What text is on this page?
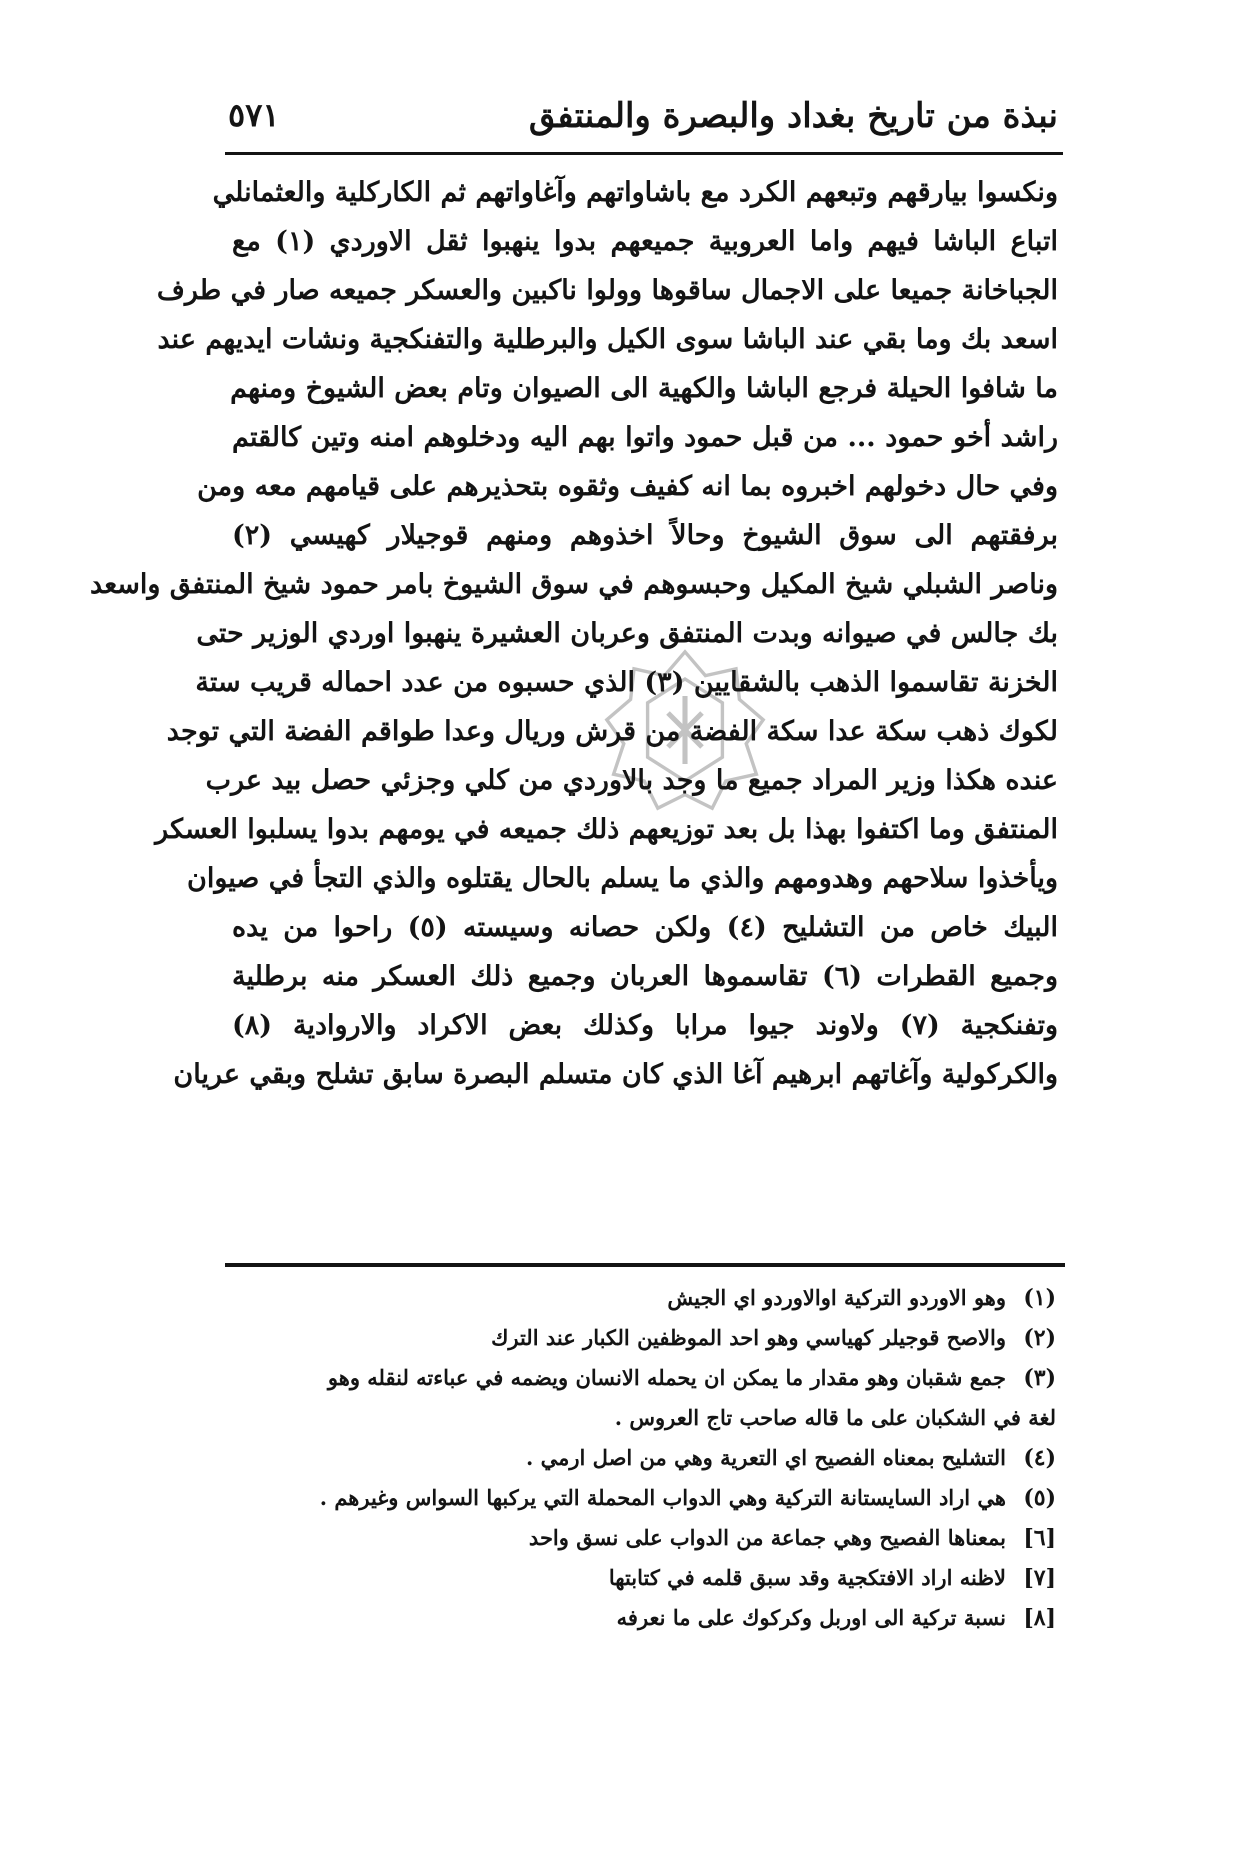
نبذة من تاريخ بغداد والبصرة والمنتفق
٥٧١
ونكسوا بيارقهم وتبعهم الكرد مع باشاواتهم وآغاواتهم ثم الكاركلية والعثمانلي
اتباع الباشا فيهم واما العروبية جميعهم بدوا ينهبوا ثقل الاوردي (١) مع
الجباخانة جميعا على الاجمال ساقوها وولوا ناكبين والعسكر جميعه صار في طرف
اسعد بك وما بقي عند الباشا سوى الكيل والبرطلية والتفنكجية ونشات ايديهم عند
ما شافوا الحيلة فرجع الباشا والكهية الى الصيوان وتام بعض الشيوخ ومنهم
راشد أخو حمود ... من قبل حمود واتوا بهم اليه ودخلوهم امنه وتين كالقتم
وفي حال دخولهم اخبروه بما انه كفيف وثقوه بتحذيرهم على قيامهم معه ومن
برفقتهم الى سوق الشيوخ وحالاً اخذوهم ومنهم قوجيلار كهيسي (٢)
وناصر الشبلي شيخ المكيل وحبسوهم في سوق الشيوخ بامر حمود شيخ المنتفق واسعد
بك جالس في صيوانه وبدت المنتفق وعربان العشيرة ينهبوا اوردي الوزير حتى
الخزنة تقاسموا الذهب بالشقايين (٣) الذي حسبوه من عدد احماله قريب ستة
لكوك ذهب سكة عدا سكة الفضة من قرش وريال وعدا طواقم الفضة التي توجد
عنده هكذا وزير المراد جميع ما وجد بالاوردي من كلي وجزئي حصل بيد عرب
المنتفق وما اكتفوا بهذا بل بعد توزيعهم ذلك جميعه في يومهم بدوا يسلبوا العسكر
ويأخذوا سلاحهم وهدومهم والذي ما يسلم بالحال يقتلوه والذي التجأ في صيوان
البيك خاص من التشليح (٤) ولكن حصانه وسيسته (٥) راحوا من يده
وجميع القطرات (٦) تقاسموها العربان وجميع ذلك العسكر منه برطلية
وتفنكجية (٧) ولاوند جيوا مرابا وكذلك بعض الاكراد والاروادية (٨)
والكركولية وآغاتهم ابرهيم آغا الذي كان متسلم البصرة سابق تشلح وبقي عريان
(١) وهو الاوردو التركية اوالاوردو اي الجيش
(٢) والاصح قوجيلر كهياسي وهو احد الموظفين الكبار عند الترك
(٣) جمع شقبان وهو مقدار ما يمكن ان يحمله الانسان ويضمه في عباءته لنقله وهو
لغة في الشكبان على ما قاله صاحب تاج العروس .
(٤) التشليح بمعناه الفصيح اي التعرية وهي من اصل ارمي .
(٥) هي اراد السايستانة التركية وهي الدواب المحملة التي يركبها السواس وغيرهم .
[٦] بمعناها الفصيح وهي جماعة من الدواب على نسق واحد
[٧] لاظنه اراد الافتكجية وقد سبق قلمه في كتابتها
[٨] نسبة تركية الى اوربل وكركوك على ما نعرفه
